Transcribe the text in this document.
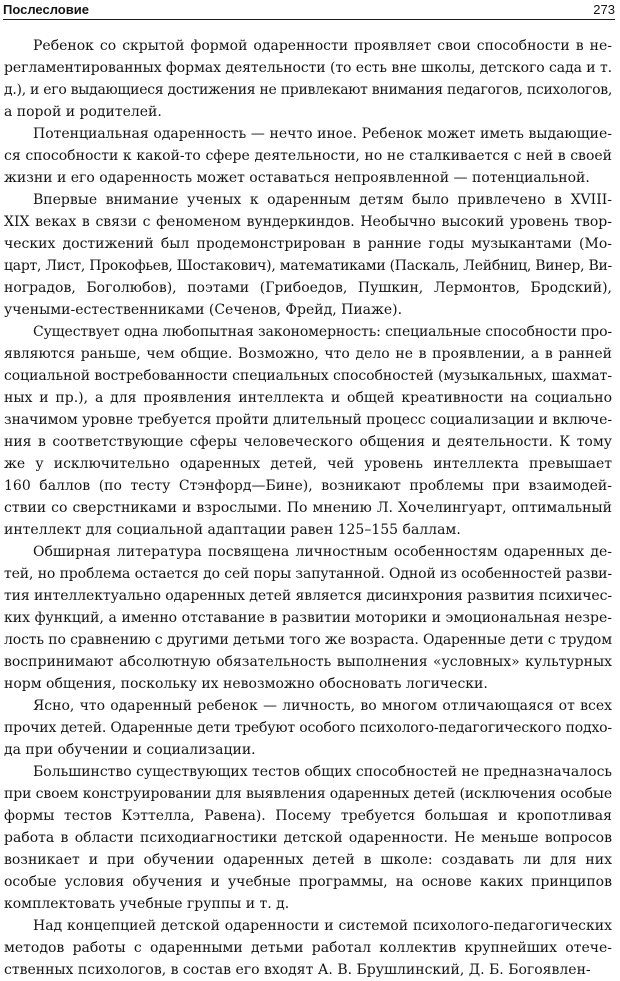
Послесловие	273

Ребенок со скрытой формой одаренности проявляет свои способности в не-
регламентированных формах деятельности (то есть вне школы, детского сада и т.
д.), и его выдающиеся достижения не привлекают внимания педагогов, психологов,
а порой и родителей.

Потенциальная одаренность — нечто иное. Ребенок может иметь выдающие-
ся способности к какой-то сфере деятельности, но не сталкивается с ней в своей
жизни и его одаренность может оставаться непроявленной — потенциальной.

Впервые внимание ученых к одаренным детям было привлечено в XVIII-
XIX веках в связи с феноменом вундеркиндов. Необычно высокий уровень твор-
ческих достижений был продемонстрирован в ранние годы музыкантами (Мо-
царт, Лист, Прокофьев, Шостакович), математиками (Паскаль, Лейбниц, Винер, Ви-
ноградов, Боголюбов), поэтами (Грибоедов, Пушкин, Лермонтов, Бродский),
учеными-естественниками (Сеченов, Фрейд, Пиаже).

Существует одна любопытная закономерность: специальные способности про-
являются раньше, чем общие. Возможно, что дело не в проявлении, а в ранней
социальной востребованности специальных способностей (музыкальных, шахмат-
ных и пр.), а для проявления интеллекта и общей креативности на социально
значимом уровне требуется пройти длительный процесс социализации и включе-
ния в соответствующие сферы человеческого общения и деятельности. К тому
же у исключительно одаренных детей, чей уровень интеллекта превышает
160 баллов (по тесту Стэнфорд—Бине), возникают проблемы при взаимодей-
ствии со сверстниками и взрослыми. По мнению Л. Хочелингуарт, оптимальный
интеллект для социальной адаптации равен 125–155 баллам.

Обширная литература посвящена личностным особенностям одаренных де-
тей, но проблема остается до сей поры запутанной. Одной из особенностей разви-
тия интеллектуально одаренных детей является дисинхрония развития психичес-
ких функций, а именно отставание в развитии моторики и эмоциональная незре-
лость по сравнению с другими детьми того же возраста. Одаренные дети с трудом
воспринимают абсолютную обязательность выполнения «условных» культурных
норм общения, поскольку их невозможно обосновать логически.

Ясно, что одаренный ребенок — личность, во многом отличающаяся от всех
прочих детей. Одаренные дети требуют особого психолого-педагогического подхо-
да при обучении и социализации.

Большинство существующих тестов общих способностей не предназначалось
при своем конструировании для выявления одаренных детей (исключения особые
формы тестов Кэттелла, Равена). Посему требуется большая и кропотливая
работа в области психодиагностики детской одаренности. Не меньше вопросов
возникает и при обучении одаренных детей в школе: создавать ли для них
особые условия обучения и учебные программы, на основе каких принципов
комплектовать учебные группы и т. д.

Над концепцией детской одаренности и системой психолого-педагогических
методов работы с одаренными детьми работал коллектив крупнейших отече-
ственных психологов, в состав его входят А. В. Брушлинский, Д. Б. Богоявлен-
